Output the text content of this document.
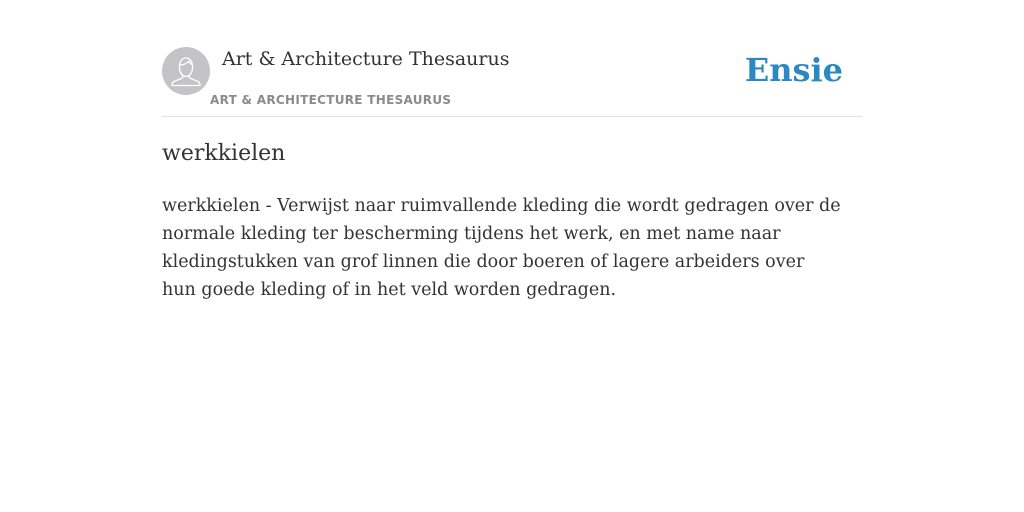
Art & Architecture Thesaurus
ART & ARCHITECTURE THESAURUS
Ensie
werkkielen

werkkielen - Verwijst naar ruimvallende kleding die wordt gedragen over de normale kleding ter bescherming tijdens het werk, en met name naar kledingstukken van grof linnen die door boeren of lagere arbeiders over hun goede kleding of in het veld worden gedragen.
